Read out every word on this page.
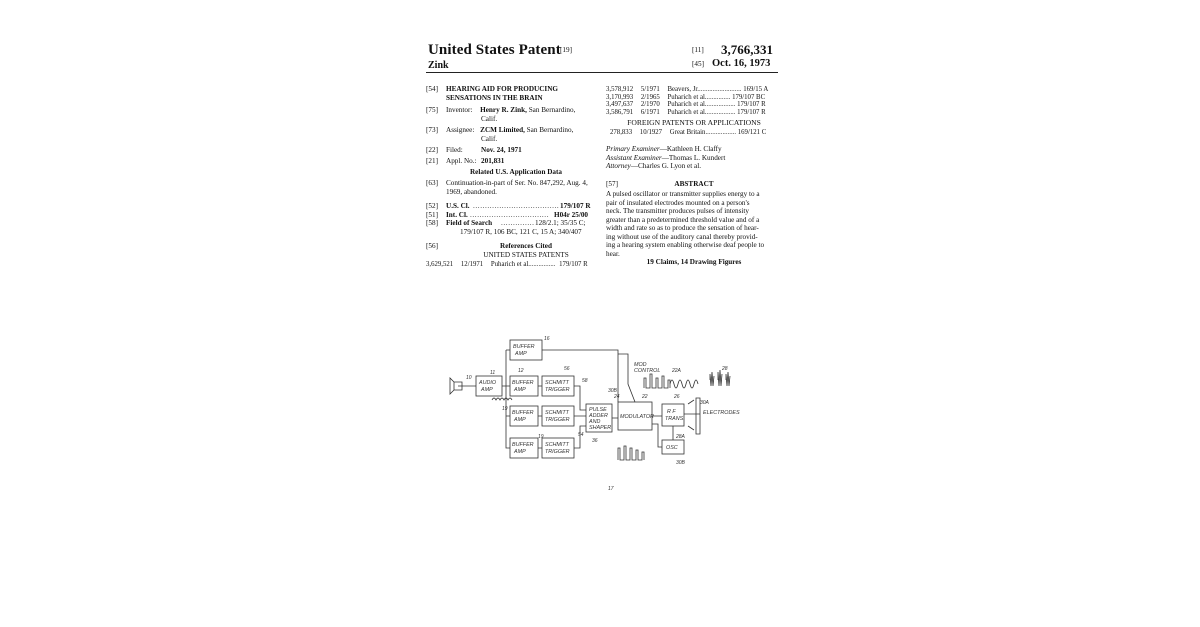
United States Patent [19]
Zink
[11] 3,766,331
[45] Oct. 16, 1973
[54] HEARING AID FOR PRODUCING
SENSATIONS IN THE BRAIN
[75] Inventor: Henry R. Zink, San Bernardino,
Calif.
[73] Assignee: ZCM Limited, San Bernardino,
Calif.
[22] Filed:	Nov. 24, 1971
[21] Appl. No.: 201,831
Related U.S. Application Data
[63] Continuation-in-part of Ser. No. 847,292, Aug. 4,
1969, abandoned.
[52] U.S. Cl. .................................... 179/107 R
[51] Int. Cl. ................................. H04r 25/00
[58] Field of Search .............. 128/2.1; 35/35 C;
179/107 R, 106 BC, 121 C, 15 A; 340/407
[56]	References Cited
UNITED STATES PATENTS
3,629,521 12/1971 Puharich et al................ 179/107 R
3,578,912 5/1971 Beavers, Jr.......................... 169/15 A
3,170,993 2/1965 Puharich et al............... 179/107 BC
3,497,637 2/1970 Puharich et al.................. 179/107 R
3,586,791 6/1971 Puharich et al.................. 179/107 R
FOREIGN PATENTS OR APPLICATIONS
278,833 10/1927 Great Britain.................. 169/121 C
Primary Examiner—Kathleen H. Claffy
Assistant Examiner—Thomas L. Kundert
Attorney—Charles G. Lyon et al.
[57]	ABSTRACT
A pulsed oscillator or transmitter supplies energy to a
pair of insulated electrodes mounted on a person's
neck. The transmitter produces pulses of intensity
greater than a predetermined threshold value and of a
width and rate so as to produce the sensation of hear-
ing without use of the auditory canal thereby provid-
ing a hearing system enabling otherwise deaf people to
hear.
19 Claims, 14 Drawing Figures
BUFFER
AMP
AUDIO
AMP
BUFFER
AMP
SCHMITT
TRIGGER
BUFFER
AMP
SCHMITT
TRIGGER
BUFFER
AMP
SCHMITT
TRIGGER
PULSE
ADDER
AND
SHAPER
MODULATOR
R F
TRANS.
OSC
MOD
CONTROL
ELECTRODES
10
11	12
16
19
19
22
22A
24	26
28
28A
30A
30B
36
30B
56
58
54
17
